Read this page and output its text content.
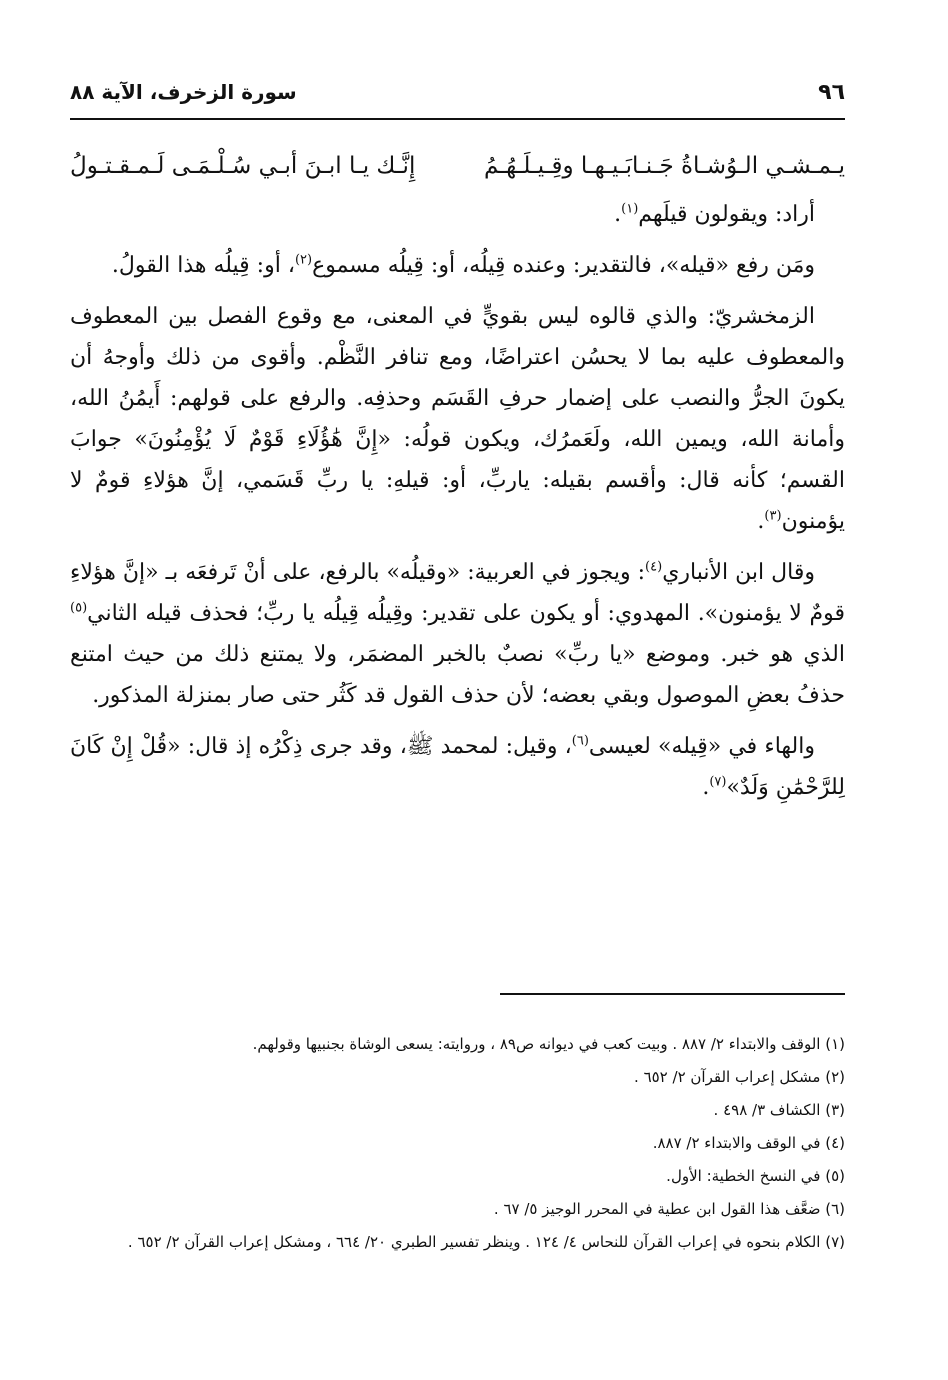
٩٦
سورة الزخرف، الآية ٨٨
إِنَّـك يـا ابـنَ أبـي سُـلْـمَـى لَـمـقـتـولُ	يـمـشـي الـوُشـاةُ جَـنـابَـيـهـا وقِـيـلَـهُـمُ

أراد: ويقولون قيلَهم$^{(١)}$.

ومَن رفع «قيله»، فالتقدير: وعنده قِيلُه، أو: قِيلُه مسموع$^{(٢)}$، أو: قِيلُه هذا القولُ.

الزمخشريّ: والذي قالوه ليس بقويٍّ في المعنى، مع وقوع الفصل بين المعطوف والمعطوف عليه بما لا يحسُن اعتراضًا، ومع تنافر النَّظْم. وأقوى من ذلك وأوجهُ أن يكونَ الجرُّ والنصب على إضمار حرفِ القَسَم وحذفِه. والرفع على قولهم: أَيمُنُ الله، وأمانة الله، ويمين الله، ولَعَمرُك، ويكون قولُه: «إِنَّ هَٰؤُلَاءِ قَوْمٌ لَا يُؤْمِنُونَ» جوابَ القسم؛ كأنه قال: وأقسم بقيله: ياربِّ، أو: قيلهِ: يا ربِّ قَسَمي، إنَّ هؤلاءِ قومٌ لا يؤمنون$^{(٣)}$.

وقال ابن الأنباري$^{(٤)}$: ويجوز في العربية: «وقيلُه» بالرفع، على أنْ تَرفعَه بـ «إنَّ هؤلاءِ قومٌ لا يؤمنون». المهدوي: أو يكون على تقدير: وقِيلُه قِيلُه يا ربِّ؛ فحذف قيله الثاني$^{(٥)}$ الذي هو خبر. وموضع «يا ربِّ» نصبٌ بالخبر المضمَر، ولا يمتنع ذلك من حيث امتنع حذفُ بعضِ الموصول وبقي بعضه؛ لأن حذف القول قد كَثُر حتى صار بمنزلة المذكور.

والهاء في «قِيله» لعيسى$^{(٦)}$، وقيل: لمحمد ﷺ، وقد جرى ذِكْرُه إذ قال: «قُلْ إِنْ كَانَ لِلرَّحْمَٰنِ وَلَدٌ»$^{(٧)}$.

(١) الوقف والابتداء ٢/ ٨٨٧ . وبيت كعب في ديوانه ص٨٩ ، وروايته: يسعى الوشاة بجنبيها وقولهم.
(٢) مشكل إعراب القرآن ٢/ ٦٥٢ .
(٣) الكشاف ٣/ ٤٩٨ .
(٤) في الوقف والابتداء ٢/ ٨٨٧.
(٥) في النسخ الخطية: الأول.
(٦) ضعَّف هذا القول ابن عطية في المحرر الوجيز ٥/ ٦٧ .
(٧) الكلام بنحوه في إعراب القرآن للنحاس ٤/ ١٢٤ . وينظر تفسير الطبري ٢٠/ ٦٦٤ ، ومشكل إعراب القرآن ٢/ ٦٥٢ .
